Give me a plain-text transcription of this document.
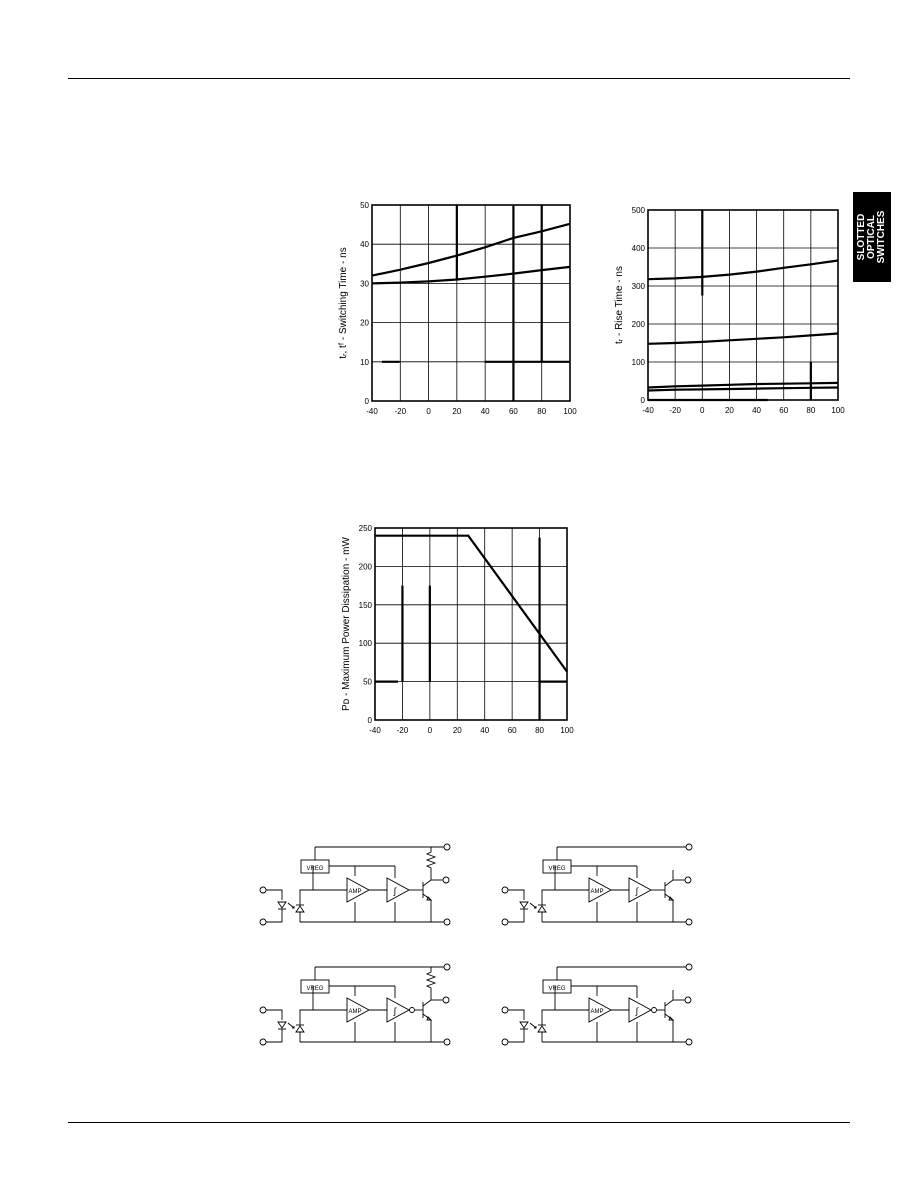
SLOTTED OPTICAL SWITCHES
-40 -20	0	20 40 60 80 100
0
10
20
30
40
50
tᵣ, tᶠ - Switching Time - ns
-40 -20 0	20 40 60 80 100
0
100
200
300
400
500
tᵣ - Rise Time - ns
-40 -20 0	20 40 60 80 100
0
50
100
150
200
250
Pᴅ - Maximum Power Dissipation - mW
VREG
AMP	∫
VREG
AMP	∫
VREG
AMP	∫
VREG
AMP	∫
